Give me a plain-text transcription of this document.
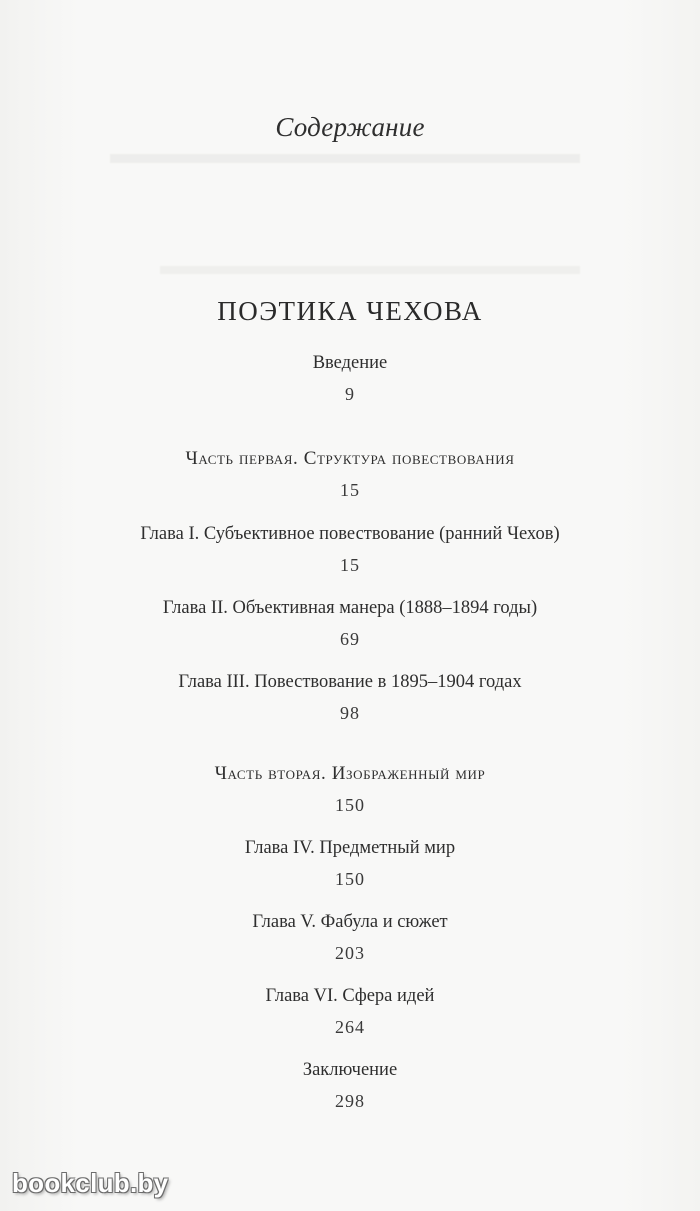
Содержание
ПОЭТИКА ЧЕХОВА
Введение
9
Часть первая. Структура повествования
15
Глава I. Субъективное повествование (ранний Чехов)
15
Глава II. Объективная манера (1888–1894 годы)
69
Глава III. Повествование в 1895–1904 годах
98
Часть вторая. Изображенный мир
150
Глава IV. Предметный мир
150
Глава V. Фабула и сюжет
203
Глава VI. Сфера идей
264
Заключение
298
bookclub.by
